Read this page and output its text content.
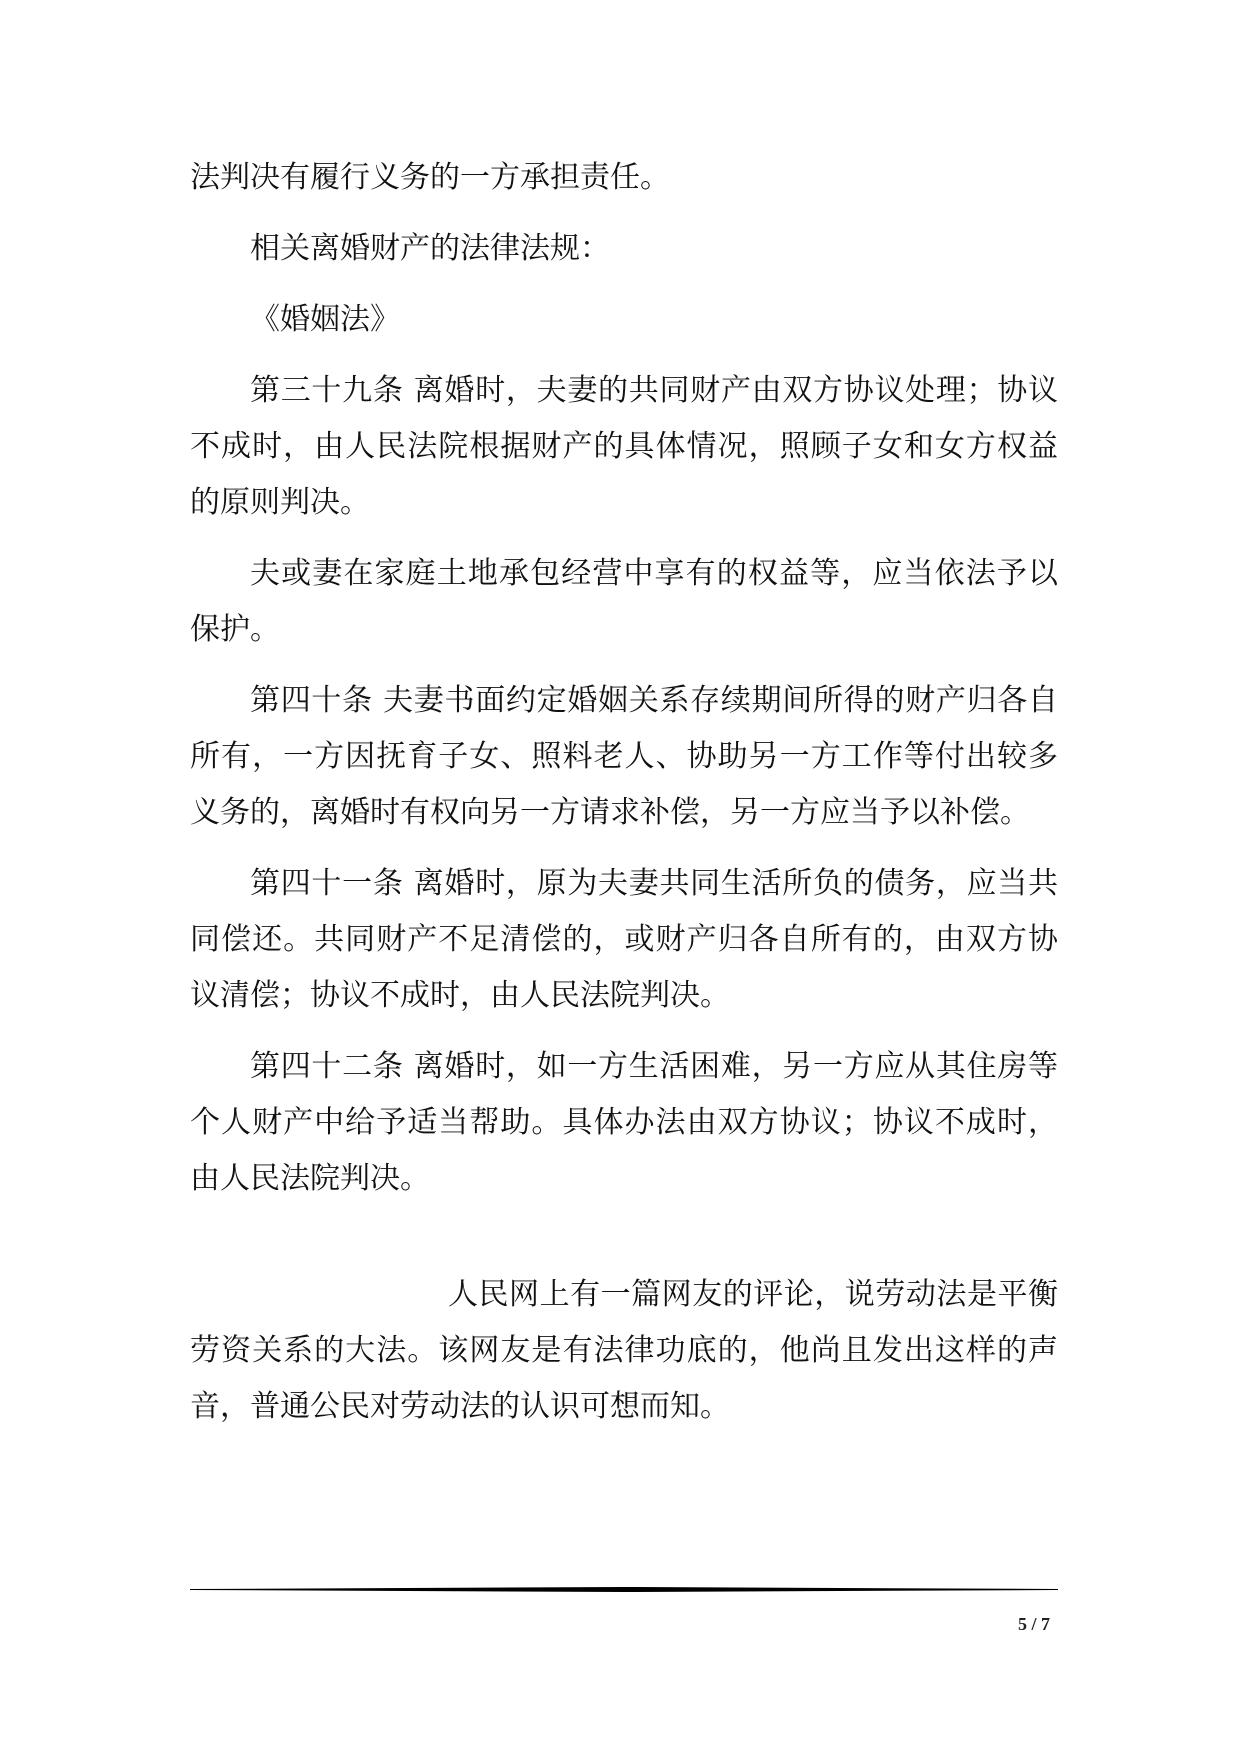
法判决有履行义务的一方承担责任。

相关离婚财产的法律法规：

《婚姻法》

第三十九条 离婚时，夫妻的共同财产由双方协议处理；协议不成时，由人民法院根据财产的具体情况，照顾子女和女方权益的原则判决。

夫或妻在家庭土地承包经营中享有的权益等，应当依法予以保护。

第四十条 夫妻书面约定婚姻关系存续期间所得的财产归各自所有，一方因抚育子女、照料老人、协助另一方工作等付出较多义务的，离婚时有权向另一方请求补偿，另一方应当予以补偿。

第四十一条 离婚时，原为夫妻共同生活所负的债务，应当共同偿还。共同财产不足清偿的，或财产归各自所有的，由双方协议清偿；协议不成时，由人民法院判决。

第四十二条 离婚时，如一方生活困难，另一方应从其住房等个人财产中给予适当帮助。具体办法由双方协议；协议不成时，由人民法院判决。

人民网上有一篇网友的评论，说劳动法是平衡劳资关系的大法。该网友是有法律功底的，他尚且发出这样的声音，普通公民对劳动法的认识可想而知。

5 / 7
